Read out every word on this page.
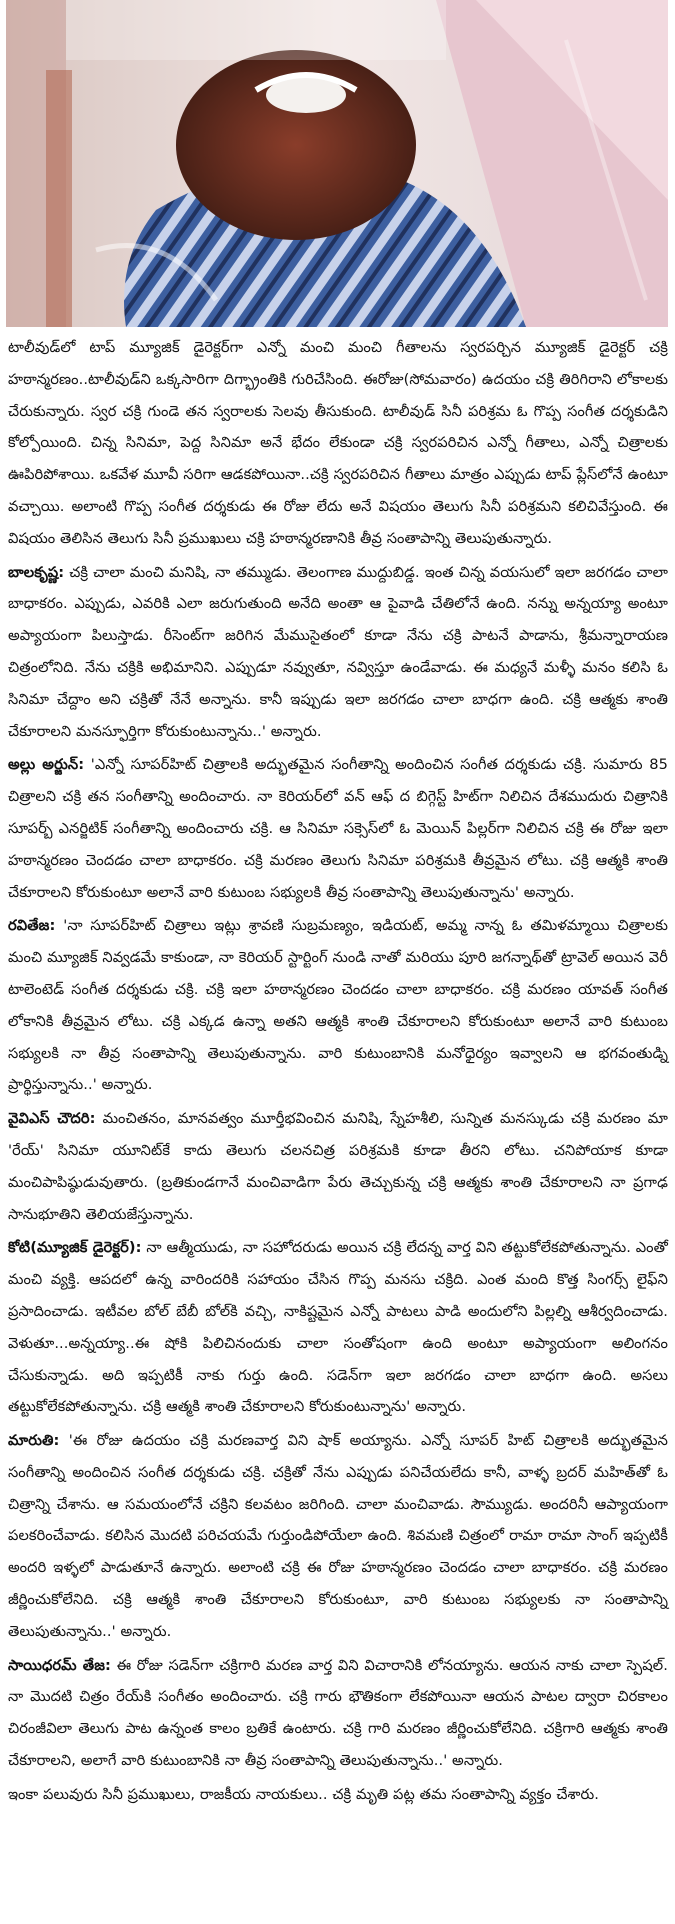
టాలీవుడ్‌లో టాప్ మ్యూజిక్ డైరెక్టర్‌గా ఎన్నో మంచి మంచి గీతాలను స్వరపర్చిన మ్యూజిక్ డైరెక్టర్ చక్రి హఠాన్మరణం..టాలీవుడ్‌ని ఒక్కసారిగా దిగ్భ్రాంతికి గురిచేసింది. ఈరోజు(సోమవారం) ఉదయం చక్రి తిరిగిరాని లోకాలకు చేరుకున్నారు. స్వర చక్రి గుండె తన స్వరాలకు సెలవు తీసుకుంది. టాలీవుడ్ సినీ పరిశ్రమ ఓ గొప్ప సంగీత దర్శకుడిని కోల్పోయింది. చిన్న సినిమా, పెద్ద సినిమా అనే భేదం లేకుండా చక్రి స్వరపరిచిన ఎన్నో గీతాలు, ఎన్నో చిత్రాలకు ఊపిరిపోశాయి. ఒకవేళ మూవీ సరిగా ఆడకపోయినా..చక్రి స్వరపరిచిన గీతాలు మాత్రం ఎప్పుడు టాప్ ప్లేస్‌లోనే ఉంటూ వచ్చాయి. అలాంటి గొప్ప సంగీత దర్శకుడు ఈ రోజు లేదు అనే విషయం తెలుగు సినీ పరిశ్రమని కలిచివేస్తుంది. ఈ విషయం తెలిసిన తెలుగు సినీ ప్రముఖులు చక్రి హఠాన్మరణానికి తీవ్ర సంతాపాన్ని తెలుపుతున్నారు.

బాలకృష్ణ: చక్రి చాలా మంచి మనిషి, నా తమ్ముడు. తెలంగాణ ముద్దుబిడ్డ. ఇంత చిన్న వయసులో ఇలా జరగడం చాలా బాధాకరం. ఎప్పుడు, ఎవరికి ఎలా జరుగుతుంది అనేది అంతా ఆ పైవాడి చేతిలోనే ఉంది. నన్ను అన్నయ్యా అంటూ అప్యాయంగా పిలుస్తాడు. రీసెంట్‌గా జరిగిన మేముసైతంలో కూడా నేను చక్రి పాటనే పాడాను, శ్రీమన్నారాయణ చిత్రంలోనిది. నేను చక్రికి అభిమానిని. ఎప్పుడూ నవ్వుతూ, నవ్విస్తూ ఉండేవాడు. ఈ మధ్యనే మళ్ళీ మనం కలిసి ఓ సినిమా చేద్దాం అని చక్రితో నేనే అన్నాను. కానీ ఇప్పుడు ఇలా జరగడం చాలా బాధగా ఉంది. చక్రి ఆత్మకు శాంతి చేకూరాలని మనస్ఫూర్తిగా కోరుకుంటున్నాను..' అన్నారు.

అల్లు అర్జున్: 'ఎన్నో సూపర్‌హిట్ చిత్రాలకి అద్భుతమైన సంగీతాన్ని అందించిన సంగీత దర్శకుడు చక్రి. సుమారు 85 చిత్రాలని చక్రి తన సంగీతాన్ని అందించారు. నా కెరియర్‌లో వన్ ఆఫ్ ద బిగ్గెస్ట్ హిట్‌గా నిలిచిన దేశముదురు చిత్రానికి సూపర్బ్ ఎనర్జిటిక్ సంగీతాన్ని అందించారు చక్రి. ఆ సినిమా సక్సెస్‌లో ఓ మెయిన్ పిల్లర్‌గా నిలిచిన చక్రి ఈ రోజు ఇలా హఠాన్మరణం చెందడం చాలా బాధాకరం. చక్రి మరణం తెలుగు సినిమా పరిశ్రమకి తీవ్రమైన లోటు. చక్రి ఆత్మకి శాంతి చేకూరాలని కోరుకుంటూ అలానే వారి కుటుంబ సభ్యులకి తీవ్ర సంతాపాన్ని తెలుపుతున్నాను' అన్నారు.

రవితేజ: 'నా సూపర్‌హిట్ చిత్రాలు ఇట్లు శ్రావణి సుబ్రమణ్యం, ఇడియట్, అమ్మ నాన్న ఓ తమిళమ్మాయి చిత్రాలకు మంచి మ్యూజిక్ నివ్వడమే కాకుండా, నా కెరియర్ స్టార్టింగ్ నుండి నాతో మరియు పూరి జగన్నాథ్‌తో ట్రావెల్ అయిన వెరీ టాలెంటెడ్ సంగీత దర్శకుడు చక్రి. చక్రి ఇలా హఠాన్మరణం చెందడం చాలా బాధాకరం. చక్రి మరణం యావత్ సంగీత లోకానికి తీవ్రమైన లోటు. చక్రి ఎక్కడ ఉన్నా అతని ఆత్మకి శాంతి చేకూరాలని కోరుకుంటూ అలానే వారి కుటుంబ సభ్యులకి నా తీవ్ర సంతాపాన్ని తెలుపుతున్నాను. వారి కుటుంబానికి మనోధైర్యం ఇవ్వాలని ఆ భగవంతుడ్ని ప్రార్థిస్తున్నాను..' అన్నారు.

వైవిఎస్ చౌదరి: మంచితనం, మానవత్వం మూర్తీభవించిన మనిషి, స్నేహశీలి, సున్నిత మనస్కుడు చక్రి మరణం మా 'రేయ్' సినిమా యూనిట్‌కే కాదు తెలుగు చలనచిత్ర పరిశ్రమకి కూడా తీరని లోటు. చనిపోయాక కూడా మంచిపాపిష్ఠుడువుతారు. (బ్రతికుండగానే మంచివాడిగా పేరు తెచ్చుకున్న చక్రి ఆత్మకు శాంతి చేకూరాలని నా ప్రగాఢ సానుభూతిని తెలియజేస్తున్నాను.

కోటి(మ్యూజిక్ డైరెక్టర్): నా ఆత్మీయుడు, నా సహోదరుడు అయిన చక్రి లేదన్న వార్త విని తట్టుకోలేకపోతున్నాను. ఎంతో మంచి వ్యక్తి. ఆపదలో ఉన్న వారిందరికి సహాయం చేసిన గొప్ప మనసు చక్రిది. ఎంత మంది కొత్త సింగర్స్ లైఫ్‌ని ప్రసాదించాడు. ఇటీవల బోల్ బేబీ బోల్‌కి వచ్చి, నాకిష్టమైన ఎన్నో పాటలు పాడి అందులోని పిల్లల్ని ఆశీర్వదించాడు. వెళుతూ...అన్నయ్యా..ఈ షోకి పిలిచినందుకు చాలా సంతోషంగా ఉంది అంటూ అప్యాయంగా అలింగనం చేసుకున్నాడు. అది ఇప్పటికీ నాకు గుర్తు ఉంది. సడెన్‌గా ఇలా జరగడం చాలా బాధగా ఉంది. అసలు తట్టుకోలేకపోతున్నాను. చక్రి ఆత్మకి శాంతి చేకూరాలని కోరుకుంటున్నాను' అన్నారు.

మారుతి: 'ఈ రోజు ఉదయం చక్రి మరణవార్త విని షాక్ అయ్యాను. ఎన్నో సూపర్ హిట్ చిత్రాలకి అద్భుతమైన సంగీతాన్ని అందించిన సంగీత దర్శకుడు చక్రి. చక్రితో నేను ఎప్పుడు పనిచేయలేదు కానీ, వాళ్ళ బ్రదర్ మహిత్‌తో ఓ చిత్రాన్ని చేశాను. ఆ సమయంలోనే చక్రిని కలవటం జరిగింది. చాలా మంచివాడు. సౌమ్యుడు. అందరినీ ఆప్యాయంగా పలకరించేవాడు. కలిసిన మొదటి పరిచయమే గుర్తుండిపోయేలా ఉంది. శివమణి చిత్రంలో రామా రామా సాంగ్ ఇప్పటికీ అందరి ఇళ్ళలో పాడుతూనే ఉన్నారు. అలాంటి చక్రి ఈ రోజు హఠాన్మరణం చెందడం చాలా బాధాకరం. చక్రి మరణం జీర్ణించుకోలేనిది. చక్రి ఆత్మకి శాంతి చేకూరాలని కోరుకుంటూ, వారి కుటుంబ సభ్యులకు నా సంతాపాన్ని తెలుపుతున్నాను..' అన్నారు.

సాయిధరమ్ తేజ: ఈ రోజు సడెన్‌గా చక్రిగారి మరణ వార్త విని విచారానికి లోనయ్యాను. ఆయన నాకు చాలా స్పెషల్. నా మొదటి చిత్రం రేయ్‌కి సంగీతం అందించారు. చక్రి గారు భౌతికంగా లేకపోయినా ఆయన పాటల ద్వారా చిరకాలం చిరంజీవిలా తెలుగు పాట ఉన్నంత కాలం బ్రతికే ఉంటారు. చక్రి గారి మరణం జీర్ణించుకోలేనిది. చక్రిగారి ఆత్మకు శాంతి చేకూరాలని, అలాగే వారి కుటుంబానికి నా తీవ్ర సంతాపాన్ని తెలుపుతున్నాను..' అన్నారు.

ఇంకా పలువురు సినీ ప్రముఖులు, రాజకీయ నాయకులు.. చక్రి మృతి పట్ల తమ సంతాపాన్ని వ్యక్తం చేశారు.
